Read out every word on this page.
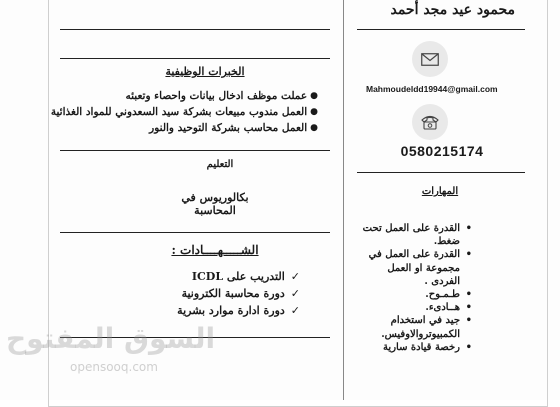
محمود عيد مجد أحمد
الخبرات الوظيفية
●
عملت موظف ادخال بيانات واحصاء وتعبئه
●
العمل مندوب مبيعات بشركة سيد السعدوني للمواد الغذائية
●
العمل محاسب بشركة التوحيد والنور
التعليم
بكالوريوس في المحاسبة
الشـــــهــــادات :
✓التدريب على ICDL
✓دورة محاسبة الكترونية
✓دورة ادارة موارد بشرية
Mahmoudeldd19944@gmail.com
0580215174
المهارات
• القدرة على العمل تحت ضغط.
• القدرة على العمل في مجموعة او العمل الفردى .
• طـمـوح.
• هــادىء.
• جيد في استخدام الكمبيوتروالاوفيس.
• رخصة قيادة سارية
السوق المفتوح
opensooq.com
